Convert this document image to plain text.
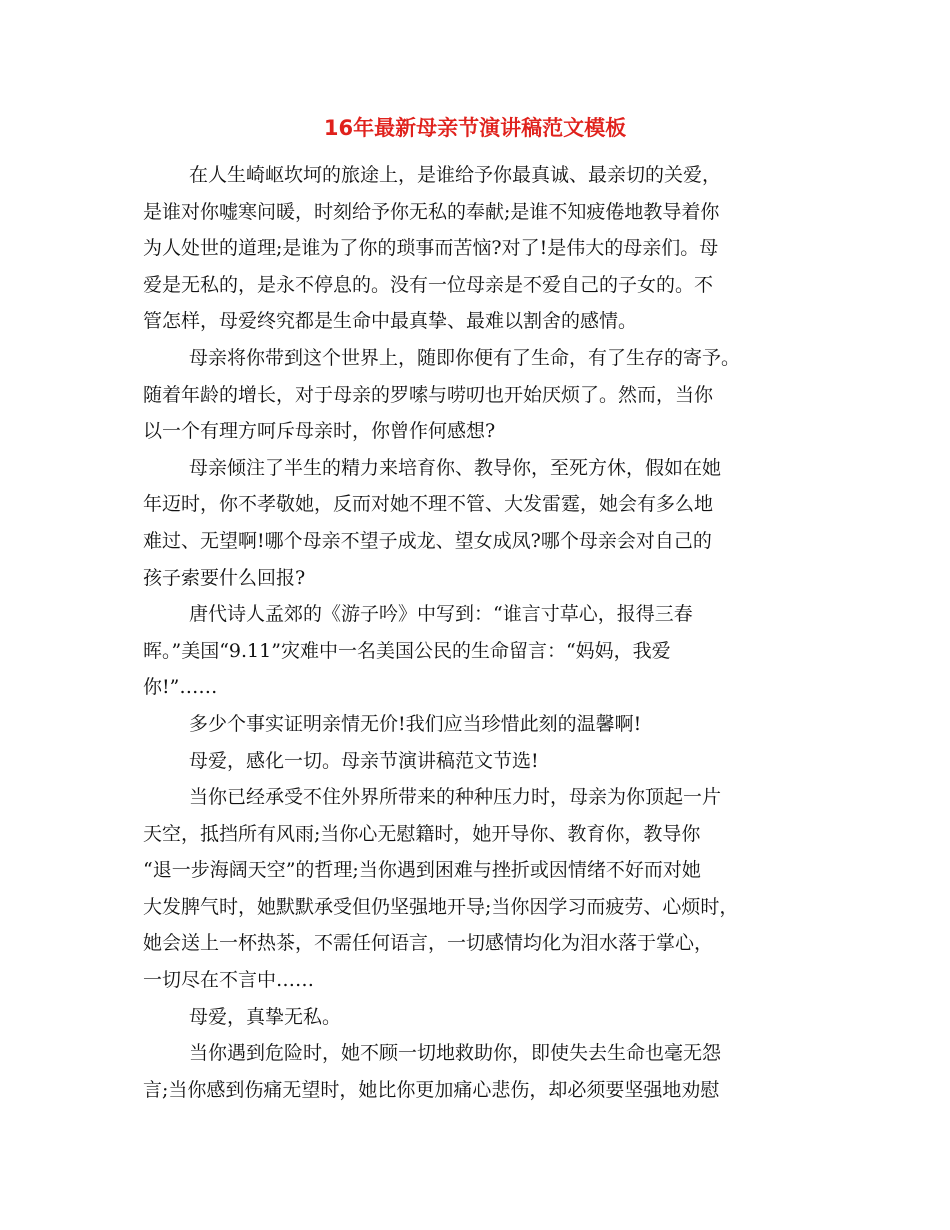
16年最新母亲节演讲稿范文模板
在人生崎岖坎坷的旅途上，是谁给予你最真诚、最亲切的关爱，
是谁对你嘘寒问暖，时刻给予你无私的奉献;是谁不知疲倦地教导着你
为人处世的道理;是谁为了你的琐事而苦恼?对了!是伟大的母亲们。母
爱是无私的，是永不停息的。没有一位母亲是不爱自己的子女的。不
管怎样，母爱终究都是生命中最真挚、最难以割舍的感情。
母亲将你带到这个世界上，随即你便有了生命，有了生存的寄予。
随着年龄的增长，对于母亲的罗嗦与唠叨也开始厌烦了。然而，当你
以一个有理方呵斥母亲时，你曾作何感想?
母亲倾注了半生的精力来培育你、教导你，至死方休，假如在她
年迈时，你不孝敬她，反而对她不理不管、大发雷霆，她会有多么地
难过、无望啊!哪个母亲不望子成龙、望女成凤?哪个母亲会对自己的
孩子索要什么回报?
唐代诗人孟郊的《游子吟》中写到：“谁言寸草心，报得三春
晖。”美国“9.11”灾难中一名美国公民的生命留言：“妈妈，我爱
你!”……
多少个事实证明亲情无价!我们应当珍惜此刻的温馨啊!
母爱，感化一切。母亲节演讲稿范文节选!
当你已经承受不住外界所带来的种种压力时，母亲为你顶起一片
天空，抵挡所有风雨;当你心无慰籍时，她开导你、教育你，教导你
“退一步海阔天空”的哲理;当你遇到困难与挫折或因情绪不好而对她
大发脾气时，她默默承受但仍坚强地开导;当你因学习而疲劳、心烦时，
她会送上一杯热茶，不需任何语言，一切感情均化为泪水落于掌心，
一切尽在不言中……
母爱，真挚无私。
当你遇到危险时，她不顾一切地救助你，即使失去生命也毫无怨
言;当你感到伤痛无望时，她比你更加痛心悲伤，却必须要坚强地劝慰
